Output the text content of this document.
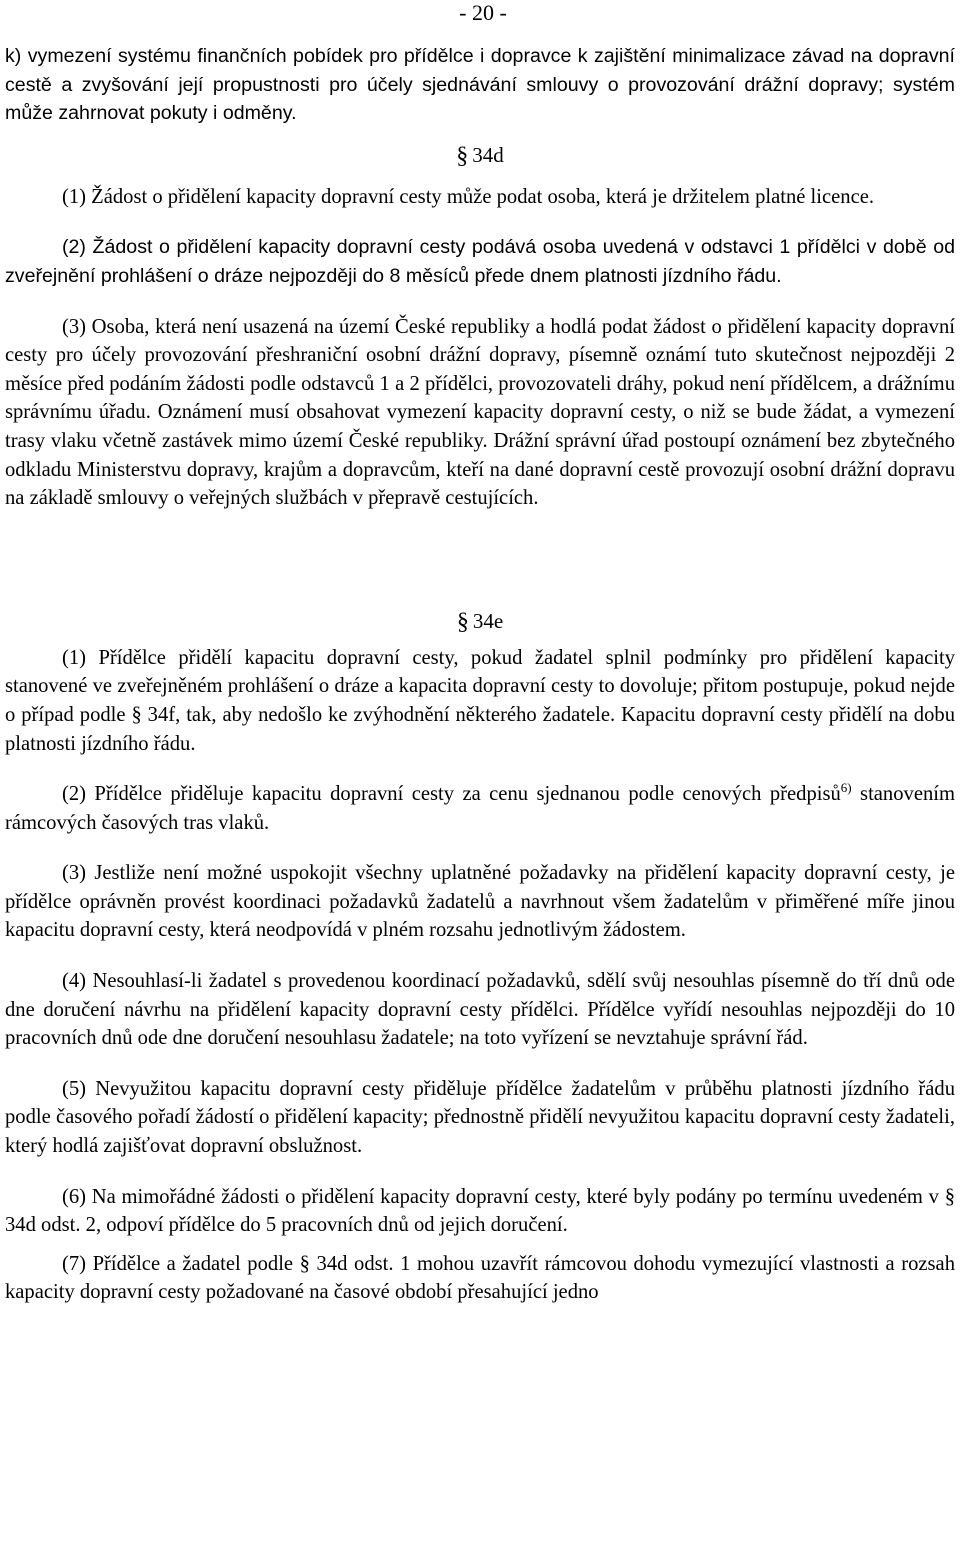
- 20 -

k) vymezení systému finančních pobídek pro přídělce i dopravce k zajištění minimalizace závad na dopravní cestě a zvyšování její propustnosti pro účely sjednávání smlouvy o provozování drážní dopravy; systém může zahrnovat pokuty i odměny.

§ 34d

(1) Žádost o přidělení kapacity dopravní cesty může podat osoba, která je držitelem platné licence.

(2) Žádost o přidělení kapacity dopravní cesty podává osoba uvedená v odstavci 1 přídělci v době od zveřejnění prohlášení o dráze nejpozději do 8 měsíců přede dnem platnosti jízdního řádu.

(3) Osoba, která není usazená na území České republiky a hodlá podat žádost o přidělení kapacity dopravní cesty pro účely provozování přeshraniční osobní drážní dopravy, písemně oznámí tuto skutečnost nejpozději 2 měsíce před podáním žádosti podle odstavců 1 a 2 přídělci, provozovateli dráhy, pokud není přídělcem, a drážnímu správnímu úřadu. Oznámení musí obsahovat vymezení kapacity dopravní cesty, o niž se bude žádat, a vymezení trasy vlaku včetně zastávek mimo území České republiky. Drážní správní úřad postoupí oznámení bez zbytečného odkladu Ministerstvu dopravy, krajům a dopravcům, kteří na dané dopravní cestě provozují osobní drážní dopravu na základě smlouvy o veřejných službách v přepravě cestujících.

§ 34e

(1) Přídělce přidělí kapacitu dopravní cesty, pokud žadatel splnil podmínky pro přidělení kapacity stanovené ve zveřejněném prohlášení o dráze a kapacita dopravní cesty to dovoluje; přitom postupuje, pokud nejde o případ podle § 34f, tak, aby nedošlo ke zvýhodnění některého žadatele. Kapacitu dopravní cesty přidělí na dobu platnosti jízdního řádu.

(2) Přídělce přiděluje kapacitu dopravní cesty za cenu sjednanou podle cenových předpisů$^{6)}$ stanovením rámcových časových tras vlaků.

(3) Jestliže není možné uspokojit všechny uplatněné požadavky na přidělení kapacity dopravní cesty, je přídělce oprávněn provést koordinaci požadavků žadatelů a navrhnout všem žadatelům v přiměřené míře jinou kapacitu dopravní cesty, která neodpovídá v plném rozsahu jednotlivým žádostem.

(4) Nesouhlasí-li žadatel s provedenou koordinací požadavků, sdělí svůj nesouhlas písemně do tří dnů ode dne doručení návrhu na přidělení kapacity dopravní cesty přídělci. Přídělce vyřídí nesouhlas nejpozději do 10 pracovních dnů ode dne doručení nesouhlasu žadatele; na toto vyřízení se nevztahuje správní řád.

(5) Nevyužitou kapacitu dopravní cesty přiděluje přídělce žadatelům v průběhu platnosti jízdního řádu podle časového pořadí žádostí o přidělení kapacity; přednostně přidělí nevyužitou kapacitu dopravní cesty žadateli, který hodlá zajišťovat dopravní obslužnost.

(6) Na mimořádné žádosti o přidělení kapacity dopravní cesty, které byly podány po termínu uvedeném v § 34d odst. 2, odpoví přídělce do 5 pracovních dnů od jejich doručení.

(7) Přídělce a žadatel podle § 34d odst. 1 mohou uzavřít rámcovou dohodu vymezující vlastnosti a rozsah kapacity dopravní cesty požadované na časové období přesahující jedno
